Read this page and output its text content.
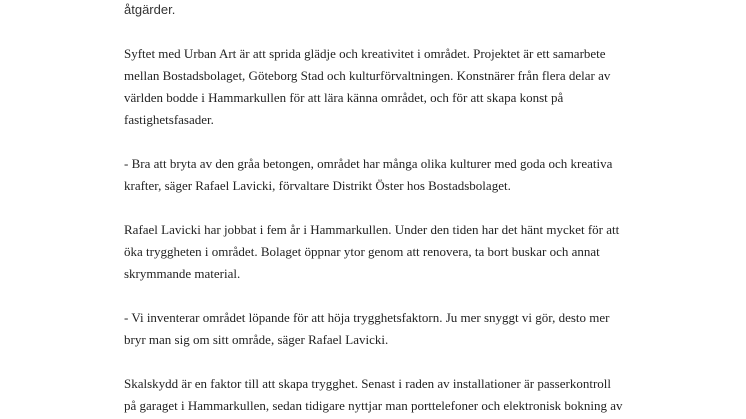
åtgärder.
Syftet med Urban Art är att sprida glädje och kreativitet i området. Projektet är ett samarbete
mellan Bostadsbolaget, Göteborg Stad och kulturförvaltningen. Konstnärer från flera delar av
världen bodde i Hammarkullen för att lära känna området, och för att skapa konst på
fastighetsfasader.
- Bra att bryta av den gråa betongen, området har många olika kulturer med goda och kreativa
krafter, säger Rafael Lavicki, förvaltare Distrikt Öster hos Bostadsbolaget.
Rafael Lavicki har jobbat i fem år i Hammarkullen. Under den tiden har det hänt mycket för att
öka tryggheten i området. Bolaget öppnar ytor genom att renovera, ta bort buskar och annat
skrymmande material.
- Vi inventerar området löpande för att höja trygghetsfaktorn. Ju mer snyggt vi gör, desto mer
bryr man sig om sitt område, säger Rafael Lavicki.
Skalskydd är en faktor till att skapa trygghet. Senast i raden av installationer är passerkontroll
på garaget i Hammarkullen, sedan tidigare nyttjar man porttelefoner och elektronisk bokning av
